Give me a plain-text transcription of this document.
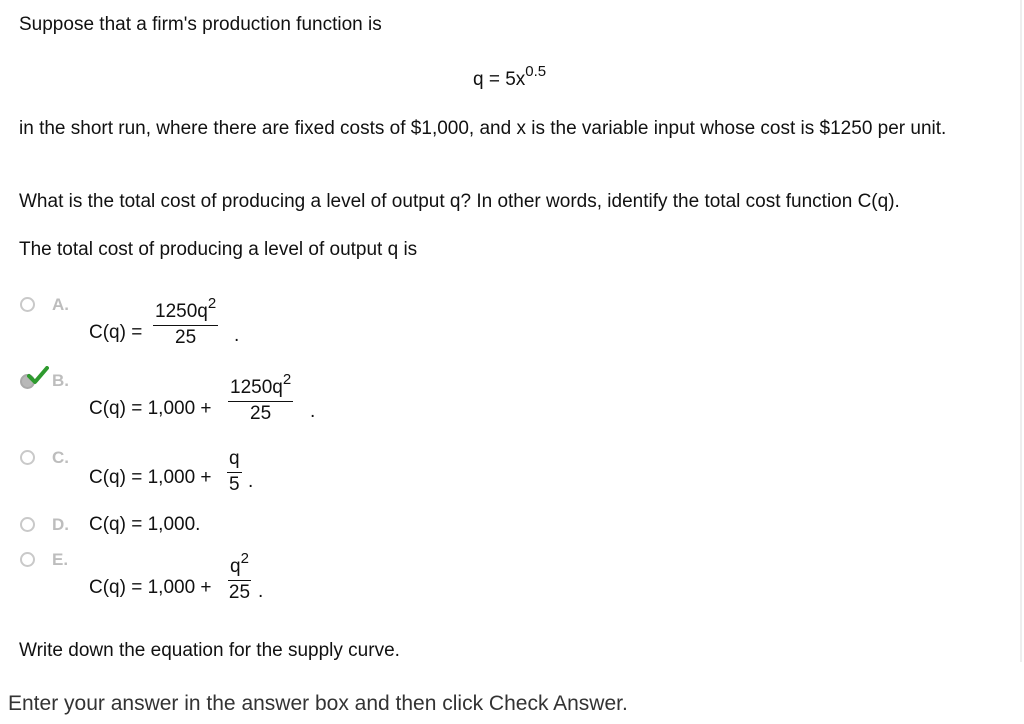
Suppose that a firm's production function is
$q = 5x^{0.5}$
in the short run, where there are fixed costs of $1,000, and x is the variable input whose cost is $1250 per unit.
What is the total cost of producing a level of output q? In other words, identify the total cost function C(q).
The total cost of producing a level of output q is
A.
$C(q) = \frac{1250q^2}{25}$ .
B.
$C(q) = 1,000 + \frac{1250q^2}{25}$ .
C.
$C(q) = 1,000 + \frac{q}{5}$ .
D. C(q) = 1,000.
E.
$C(q) = 1,000 + \frac{q^2}{25}$ .
Write down the equation for the supply curve.
Enter your answer in the answer box and then click Check Answer.
